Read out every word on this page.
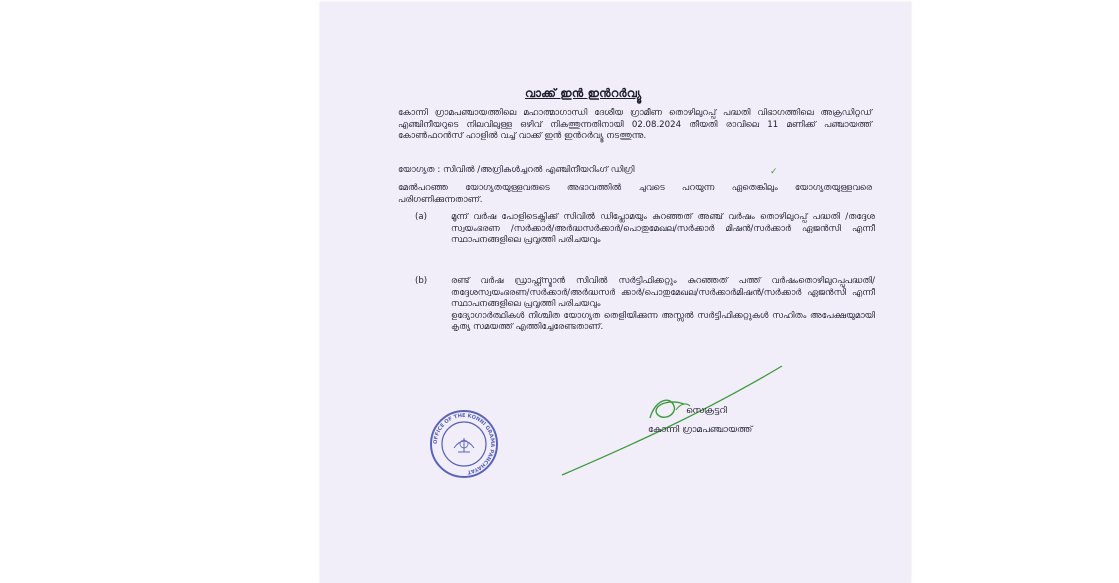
വാക്ക് ഇൻ ഇൻറർവ്യൂ
കോന്നി ഗ്രാമപഞ്ചായത്തിലെ മഹാത്മാഗാന്ധി ദേശീയ ഗ്രാമീണ തൊഴിലുറപ്പ് പദ്ധതി വിഭാഗത്തിലെ അക്രഡിറ്റഡ് എഞ്ചിനീയറുടെ നിലവിലുള്ള ഒഴിവ് നികത്തുന്നതിനായി 02.08.2024 തീയതി രാവിലെ 11 മണിക്ക് പഞ്ചായത്ത് കോൺഫറൻസ് ഹാളിൽ വച്ച് വാക്ക് ഇൻ ഇൻറർവ്യൂ നടത്തുന്നു.
യോഗ്യത : സിവിൽ /അഗ്രികൾച്ചറൽ എഞ്ചിനീയറിംഗ് ഡിഗ്രി	✓
മേൽപറഞ്ഞ യോഗ്യതയുള്ളവരുടെ അഭാവത്തിൽ ചുവടെ പറയുന്ന ഏതെങ്കിലും യോഗ്യതയുള്ളവരെ പരിഗണിക്കുന്നതാണ്.
(a)	മൂന്ന് വർഷ പോളിടെക്നിക്ക് സിവിൽ ഡിപ്ലോമയും കുറഞ്ഞത് അഞ്ച് വർഷം തൊഴിലുറപ്പ് പദ്ധതി /തദ്ദേശ സ്വയംഭരണ /സർക്കാർ/അർദ്ധസർക്കാർ/പൊതുമേഖല/സർക്കാർ മിഷൻ/സർക്കാർ ഏജൻസി എന്നീ സ്ഥാപനങ്ങളിലെ പ്രവൃത്തി പരിചയവും
(b)	രണ്ട് വർഷ ഡ്രാഫ്റ്റ്സ്മാൻ സിവിൽ സർട്ടിഫിക്കറ്റും കുറഞ്ഞത് പത്ത് വർഷംതൊഴിലുറപ്പുപദ്ധതി/തദ്ദേശസ്വയംഭരണ/സർക്കാർ/അർദ്ധസർ ക്കാർ/പൊതുമേഖല/സർക്കാർമിഷൻ/സർക്കാർ ഏജൻസി എന്നീ സ്ഥാപനങ്ങളിലെ പ്രവൃത്തി പരിചയവും
ഉദ്യോഗാർത്ഥികൾ നിശ്ചിത യോഗ്യത തെളിയിക്കുന്ന അസ്സൽ സർട്ടിഫിക്കറ്റുകൾ സഹിതം അപേക്ഷയുമായി കൃത്യ സമയത്ത് എത്തിച്ചേരേണ്ടതാണ്.
സെക്രട്ടറി
കോന്നി ഗ്രാമപഞ്ചായത്ത്
OFFICE OF THE KONNI GRAMA PANCHAYAT
